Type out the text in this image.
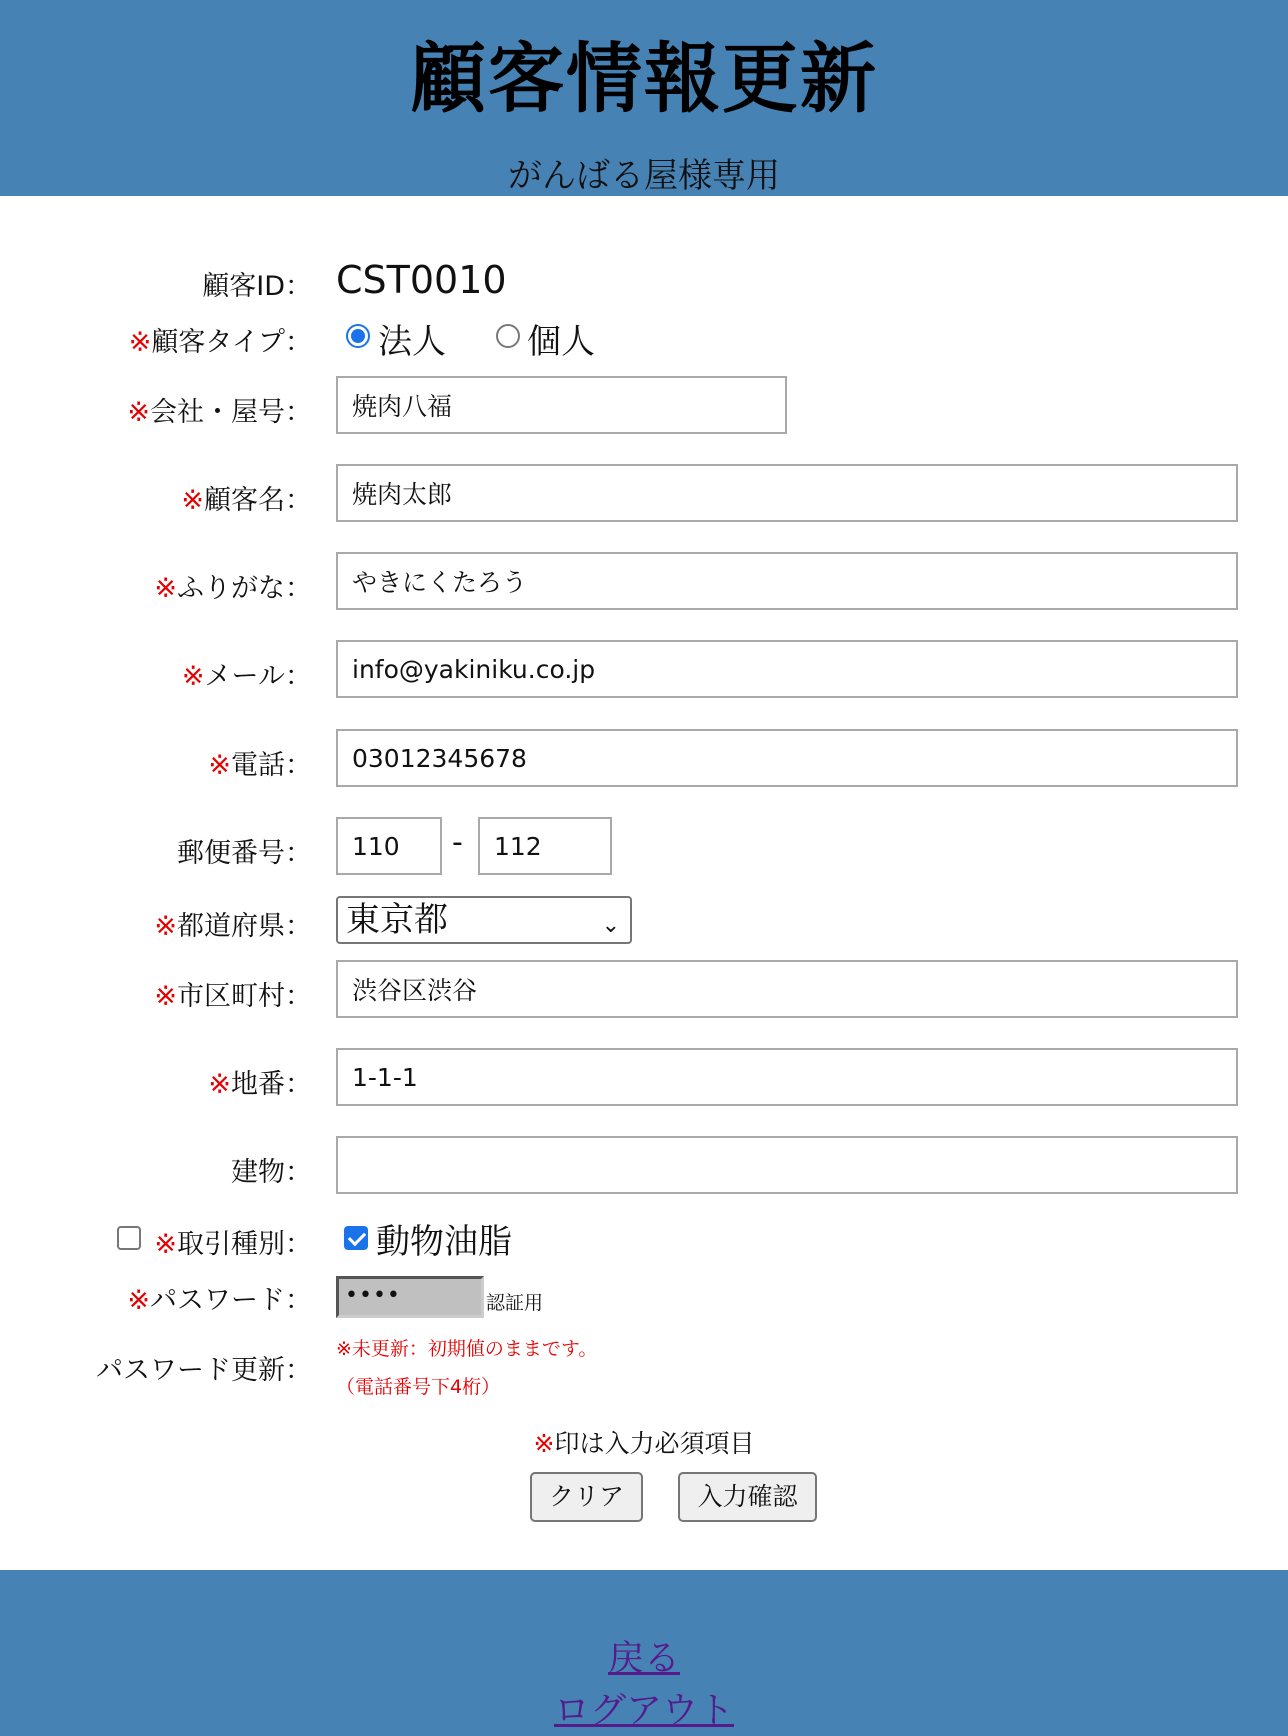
顧客情報更新
がんばる屋様専用
顧客ID： CST0010
※顧客タイプ： 法人 個人
※会社・屋号：
焼肉八福
※顧客名：
焼肉太郎
※ふりがな：
やきにくたろう
※メール：
info@yakiniku.co.jp
※電話：
03012345678
郵便番号：
110	-
112
※都道府県： 東京都	⌄
※市区町村：
渋谷区渋谷
※地番：
1-1-1
建物：
※取引種別： 動物油脂
※パスワード：	••••	認証用
パスワード更新：
※未更新：初期値のままです。
（電話番号下4桁）
※印は入力必須項目
クリア	入力確認
戻る
ログアウト
